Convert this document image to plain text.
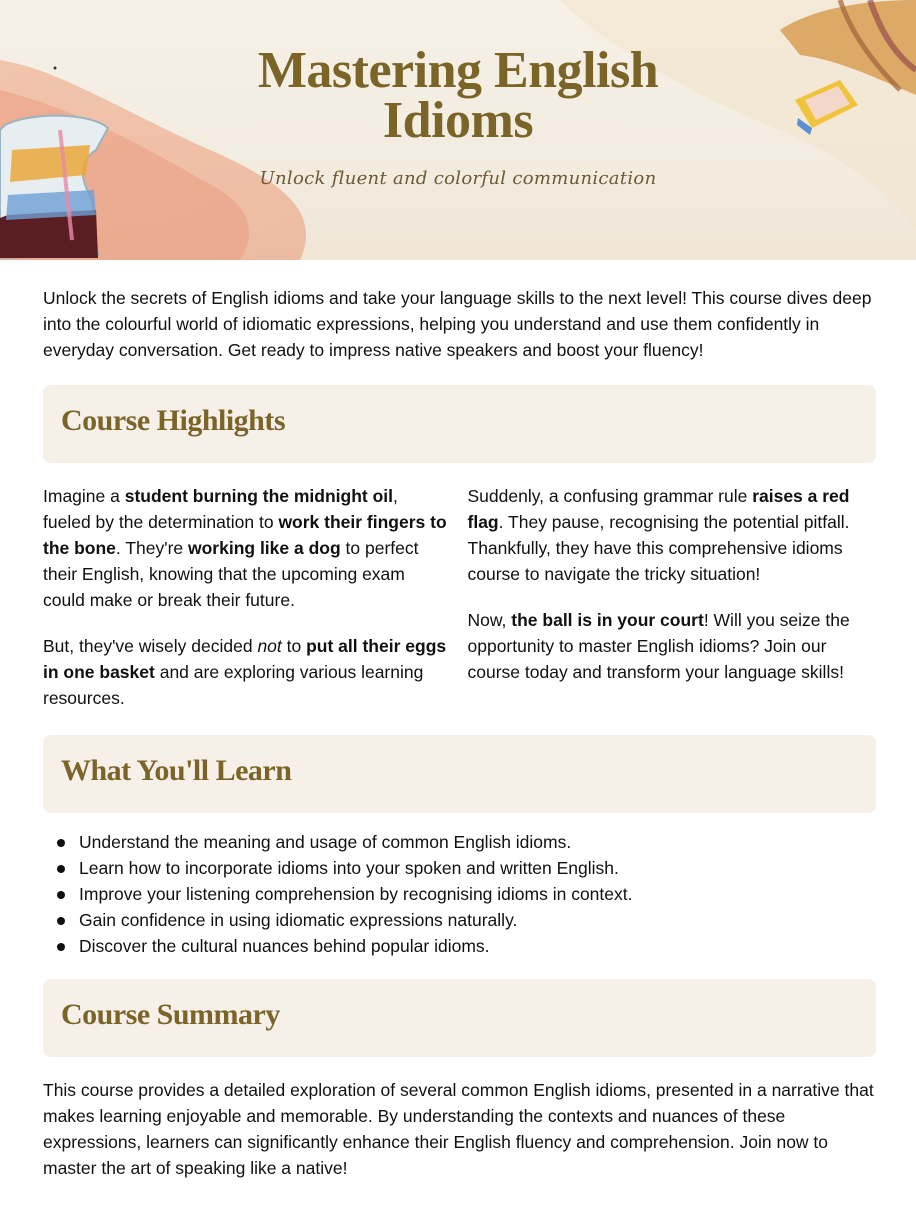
Mastering English
Idioms
Unlock fluent and colorful communication

Unlock the secrets of English idioms and take your language skills to the next level! This course dives deep into the colourful world of idiomatic expressions, helping you understand and use them confidently in everyday conversation. Get ready to impress native speakers and boost your fluency!

Course Highlights

Imagine a student burning the midnight oil, fueled by the determination to work their fingers to the bone. They're working like a dog to perfect their English, knowing that the upcoming exam could make or break their future.

But, they've wisely decided not to put all their eggs in one basket and are exploring various learning resources.

Suddenly, a confusing grammar rule raises a red flag. They pause, recognising the potential pitfall. Thankfully, they have this comprehensive idioms course to navigate the tricky situation!

Now, the ball is in your court! Will you seize the opportunity to master English idioms? Join our course today and transform your language skills!

What You'll Learn
Understand the meaning and usage of common English idioms.
Learn how to incorporate idioms into your spoken and written English.
Improve your listening comprehension by recognising idioms in context.
Gain confidence in using idiomatic expressions naturally.
Discover the cultural nuances behind popular idioms.
Course Summary

This course provides a detailed exploration of several common English idioms, presented in a narrative that makes learning enjoyable and memorable. By understanding the contexts and nuances of these expressions, learners can significantly enhance their English fluency and comprehension. Join now to master the art of speaking like a native!
